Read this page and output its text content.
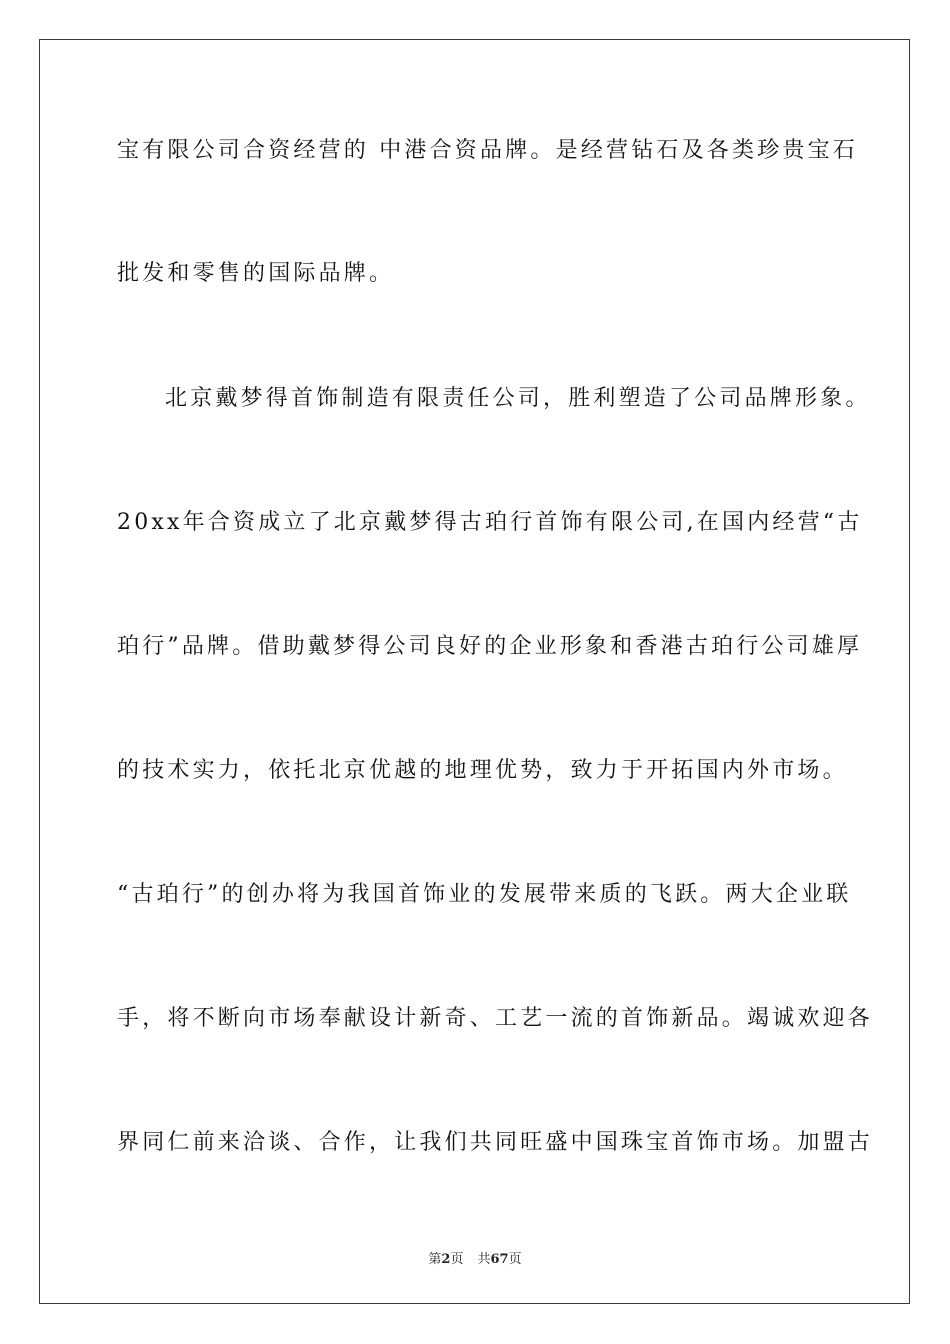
宝有限公司合资经营的 中港合资品牌。是经营钻石及各类珍贵宝石
批发和零售的国际品牌。
北京戴梦得首饰制造有限责任公司，胜利塑造了公司品牌形象。
20xx年合资成立了北京戴梦得古珀行首饰有限公司,在国内经营“古
珀行”品牌。借助戴梦得公司良好的企业形象和香港古珀行公司雄厚
的技术实力，依托北京优越的地理优势，致力于开拓国内外市场。
“古珀行”的创办将为我国首饰业的发展带来质的飞跃。两大企业联
手，将不断向市场奉献设计新奇、工艺一流的首饰新品。竭诚欢迎各
界同仁前来洽谈、合作，让我们共同旺盛中国珠宝首饰市场。加盟古
第2页 共67页
